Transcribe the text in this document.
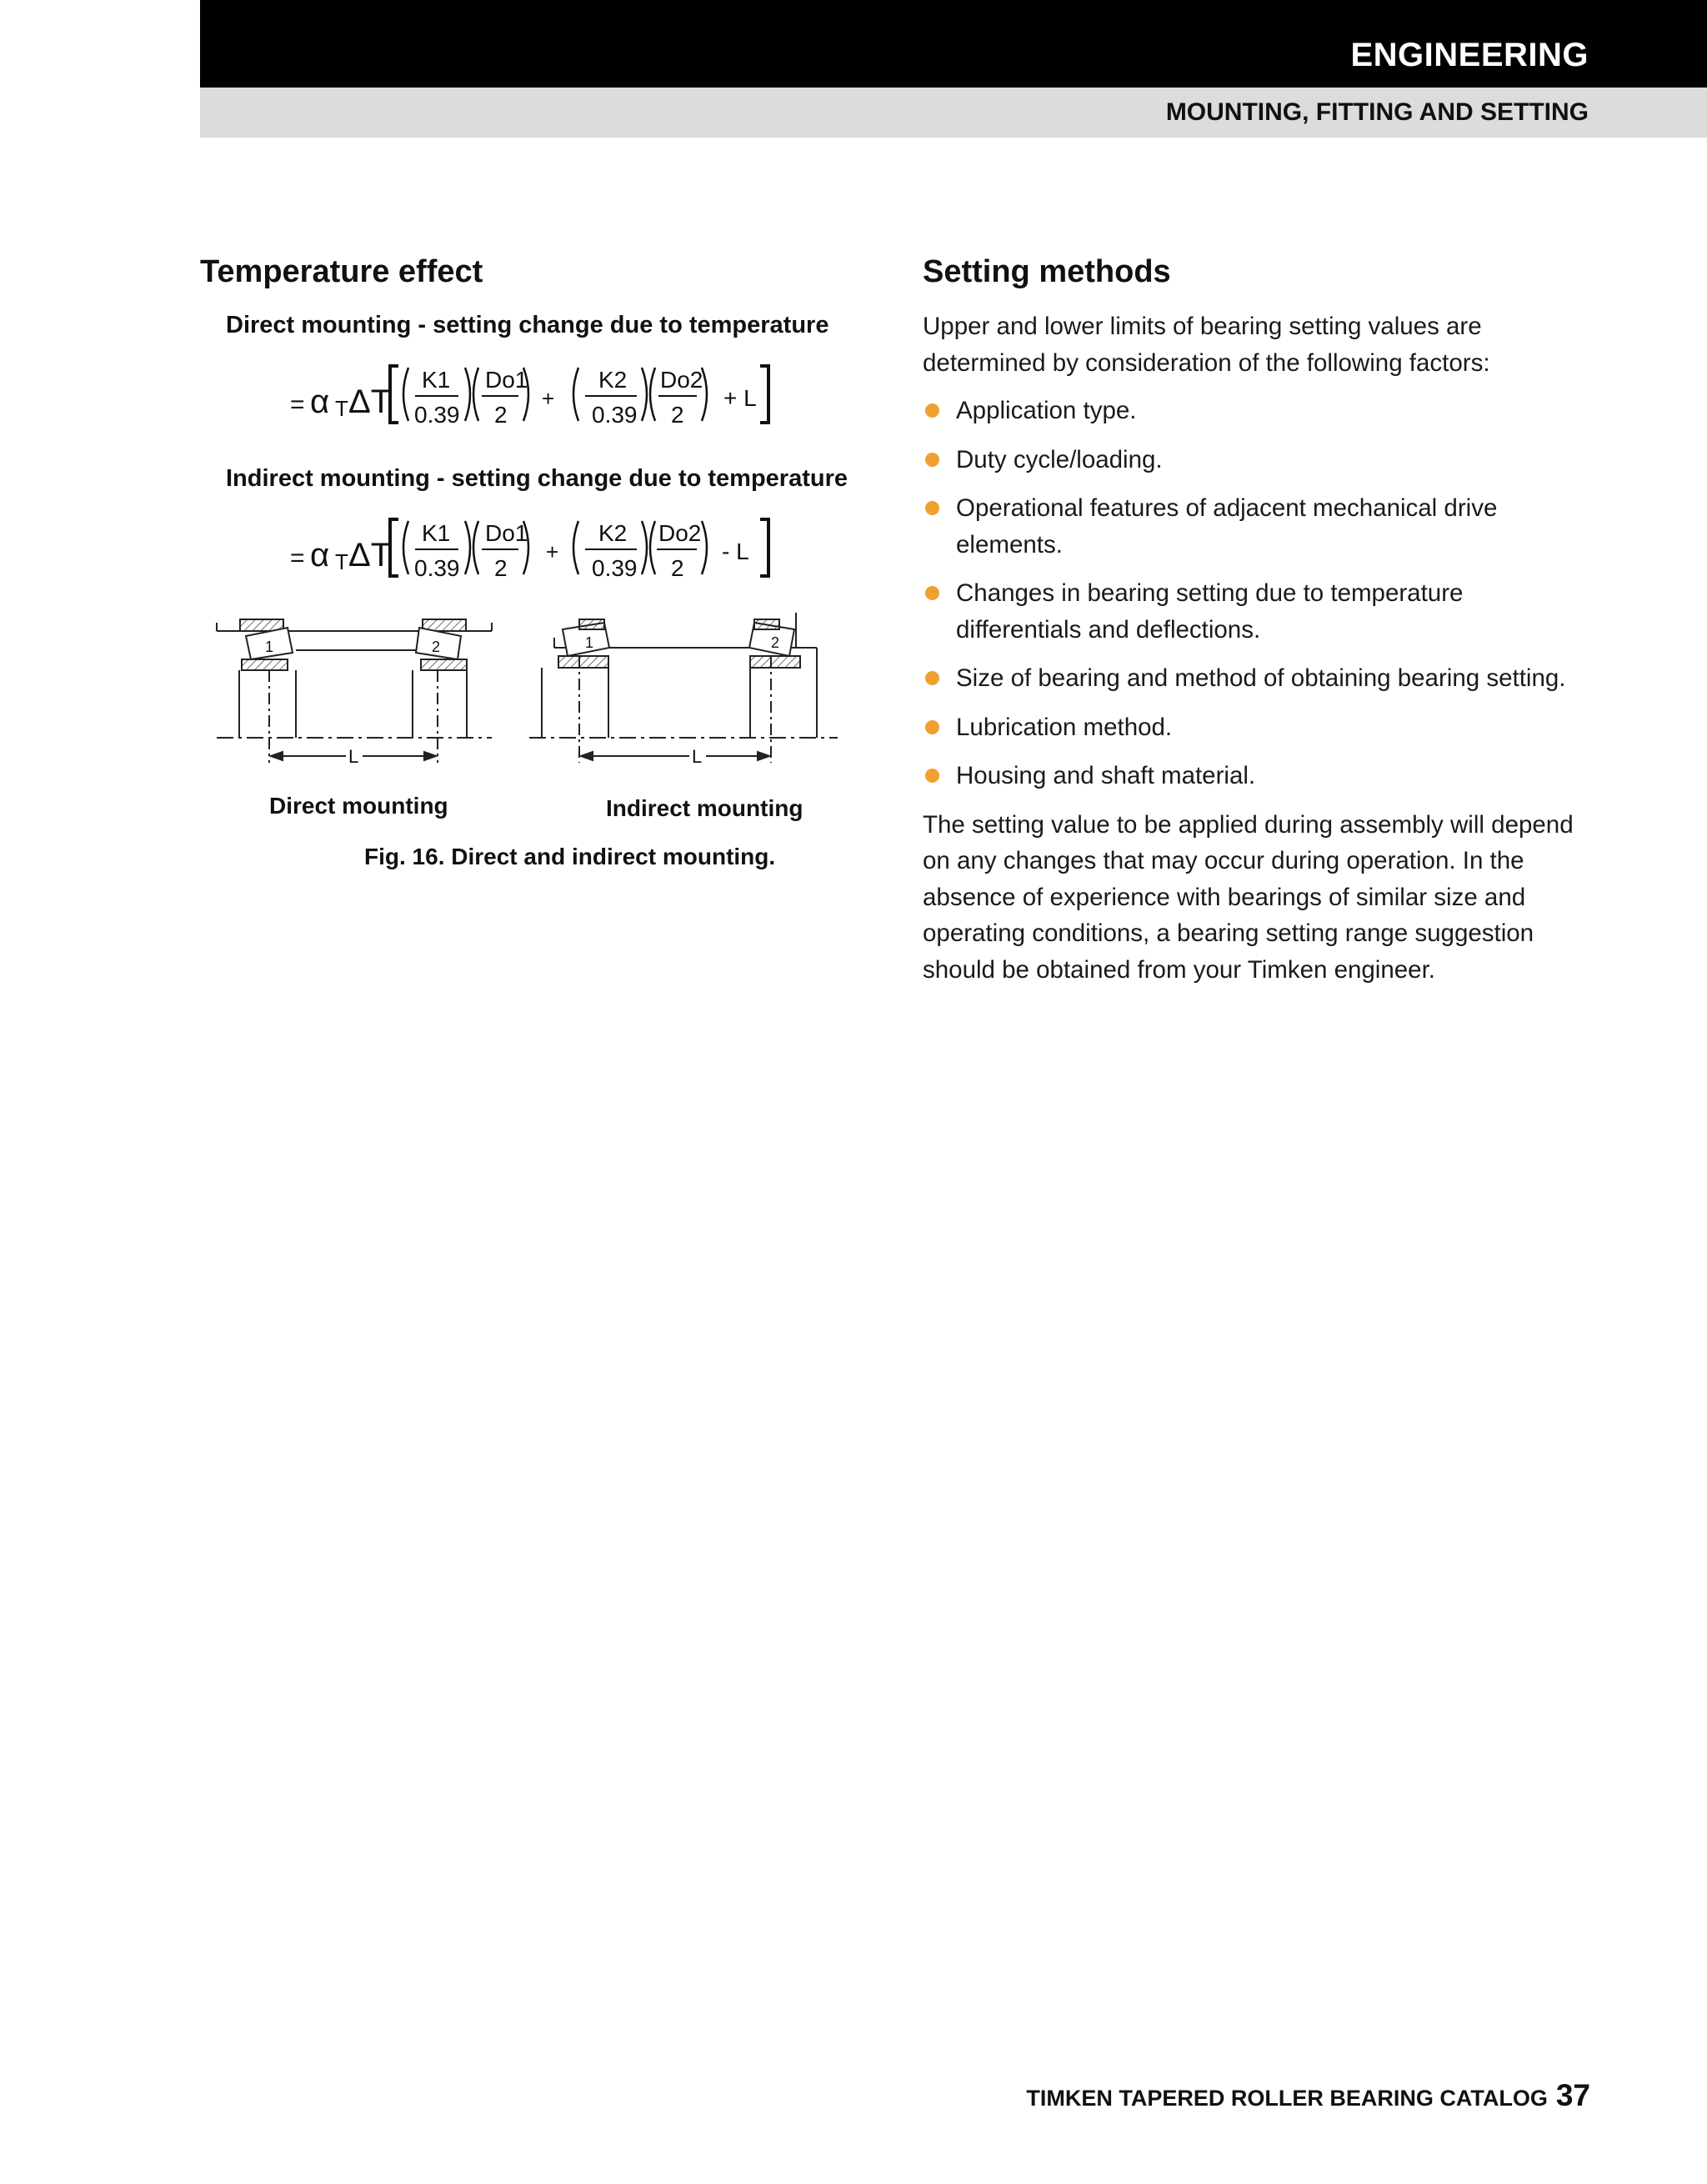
ENGINEERING
MOUNTING, FITTING AND SETTING
Temperature effect
Direct mounting - setting change due to temperature
= α T ΔT
K1
0.39
Do1
2
+
K2
0.39
Do2
2
+ L
Indirect mounting - setting change due to temperature
= α T ΔT
K1
0.39
Do1
2
+
K2
0.39
Do2
2
- L
1	2
L
1	2
L
Direct mounting	Indirect mounting
Fig. 16. Direct and indirect mounting.
Setting methods

Upper and lower limits of bearing setting values are determined by consideration of the following factors:

Application type.
Duty cycle/loading.
Operational features of adjacent mechanical drive elements.
Changes in bearing setting due to temperature differentials and deflections.
Size of bearing and method of obtaining bearing setting.
Lubrication method.
Housing and shaft material.

The setting value to be applied during assembly will depend on any changes that may occur during operation. In the absence of experience with bearings of similar size and operating conditions, a bearing setting range suggestion should be obtained from your Timken engineer.

TIMKEN TAPERED ROLLER BEARING CATALOG 37
